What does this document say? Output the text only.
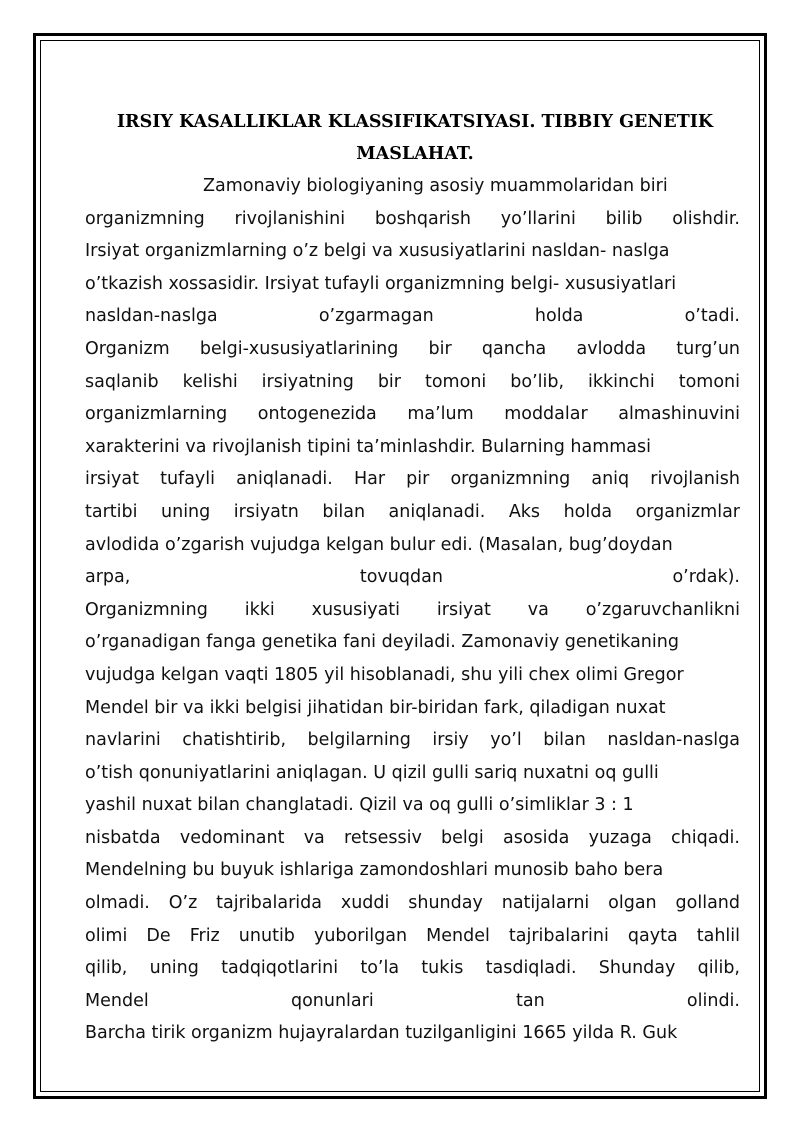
IRSIY KASALLIKLAR KLASSIFIKATSIYASI. TIBBIY GENETIK
MASLAHAT.
Zamonaviy biologiyaning asosiy muammolaridan biri
organizmning rivojlanishini boshqarish yo’llarini bilib olishdir.
Irsiyat organizmlarning o’z belgi va xususiyatlarini nasldan- naslga
o’tkazish xossasidir. Irsiyat tufayli organizmning belgi- xususiyatlari
nasldan-naslga o’zgarmagan holda o’tadi.
Organizm belgi-xususiyatlarining bir qancha avlodda turg’un
saqlanib kelishi irsiyatning bir tomoni bo’lib, ikkinchi tomoni
organizmlarning ontogenezida ma’lum moddalar almashinuvini
xarakterini va rivojlanish tipini ta’minlashdir. Bularning hammasi
irsiyat tufayli aniqlanadi. Har pir organizmning aniq rivojlanish
tartibi uning irsiyatn bilan aniqlanadi. Aks holda organizmlar
avlodida o’zgarish vujudga kelgan bulur edi. (Masalan, bug’doydan
arpa, tovuqdan o’rdak).
Organizmning ikki xususiyati irsiyat va o’zgaruvchanlikni
o’rganadigan fanga genetika fani deyiladi. Zamonaviy genetikaning
vujudga kelgan vaqti 1805 yil hisoblanadi, shu yili chex olimi Gregor
Mendel bir va ikki belgisi jihatidan bir-biridan fark, qiladigan nuxat
navlarini chatishtirib, belgilarning irsiy yo’l bilan nasldan-naslga
o’tish qonuniyatlarini aniqlagan. U qizil gulli sariq nuxatni oq gulli
yashil nuxat bilan changlatadi. Qizil va oq gulli o’simliklar 3 : 1
nisbatda vedominant va retsessiv belgi asosida yuzaga chiqadi.
Mendelning bu buyuk ishlariga zamondoshlari munosib baho bera
olmadi. O’z tajribalarida xuddi shunday natijalarni olgan golland
olimi De Friz unutib yuborilgan Mendel tajribalarini qayta tahlil
qilib, uning tadqiqotlarini to’la tukis tasdiqladi. Shunday qilib,
Mendel qonunlari tan olindi.
Barcha tirik organizm hujayralardan tuzilganligini 1665 yilda R. Guk
